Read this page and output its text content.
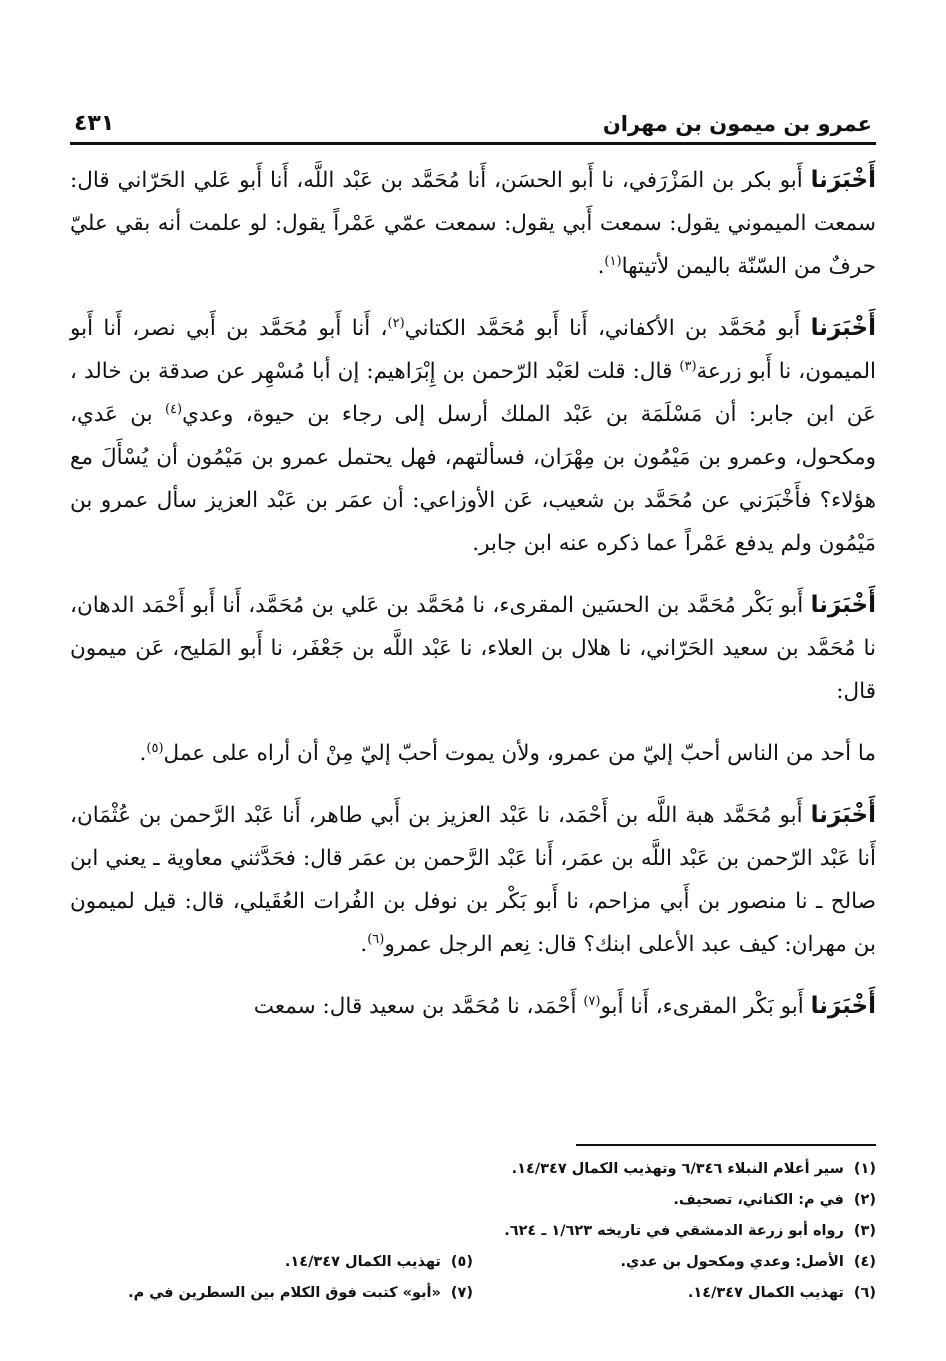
عمرو بن ميمون بن مهران
٤٣١

أَخْبَرَنا أَبو بكر بن المَزْرَفي، نا أَبو الحسَن، أَنا مُحَمَّد بن عَبْد اللَّه، أَنا أَبو عَلي الحَرّاني قال: سمعت الميموني يقول: سمعت أَبي يقول: سمعت عمّي عَمْراً يقول: لو علمت أنه بقي عليّ حرفٌ من السّنّة باليمن لأتيتها$^{(١)}$.

أَخْبَرَنا أَبو مُحَمَّد بن الأكفاني، أَنا أَبو مُحَمَّد الكتاني$^{(٢)}$، أَنا أَبو مُحَمَّد بن أَبي نصر، أَنا أَبو الميمون، نا أَبو زرعة$^{(٣)}$ قال: قلت لعَبْد الرّحمن بن إِبْرَاهيم: إن أبا مُسْهِر عن صدقة بن خالد ، عَن ابن جابر: أن مَسْلَمَة بن عَبْد الملك أرسل إلى رجاء بن حيوة، وعدي$^{(٤)}$ بن عَدي، ومكحول، وعمرو بن مَيْمُون بن مِهْرَان، فسألتهم، فهل يحتمل عمرو بن مَيْمُون أن يُسْأَلَ مع هؤلاء؟ فأَخْبَرَني عن مُحَمَّد بن شعيب، عَن الأوزاعي: أن عمَر بن عَبْد العزيز سأل عمرو بن مَيْمُون ولم يدفع عَمْراً عما ذكره عنه ابن جابر.

أَخْبَرَنا أَبو بَكْر مُحَمَّد بن الحسَين المقرىء، نا مُحَمَّد بن عَلي بن مُحَمَّد، أَنا أَبو أَحْمَد الدهان، نا مُحَمَّد بن سعيد الحَرّاني، نا هلال بن العلاء، نا عَبْد اللَّه بن جَعْفَر، نا أَبو المَليح، عَن ميمون قال:

ما أحد من الناس أحبّ إليّ من عمرو، ولأن يموت أحبّ إليّ مِنْ أن أراه على عمل$^{(٥)}$.

أَخْبَرَنا أَبو مُحَمَّد هبة اللَّه بن أَحْمَد، نا عَبْد العزيز بن أَبي طاهر، أَنا عَبْد الرَّحمن بن عُثْمَان، أَنا عَبْد الرّحمن بن عَبْد اللَّه بن عمَر، أَنا عَبْد الرَّحمن بن عمَر قال: فحَدَّثني معاوية ـ يعني ابن صالح ـ نا منصور بن أَبي مزاحم، نا أَبو بَكْر بن نوفل بن الفُرات العُقَيلي، قال: قيل لميمون بن مهران: كيف عبد الأعلى ابنك؟ قال: نِعم الرجل عمرو$^{(٦)}$.

أَخْبَرَنا أَبو بَكْر المقرىء، أَنا أَبو$^{(٧)}$ أَحْمَد، نا مُحَمَّد بن سعيد قال: سمعت

(١)
سير أعلام النبلاء ٦/٣٤٦ وتهذيب الكمال ١٤/٣٤٧.
(٢)
في م: الكناني، تصحيف.
(٣)
رواه أبو زرعة الدمشقي في تاريخه ١/٦٢٣ ـ ٦٢٤.
(٤)
الأصل: وعدي ومكحول بن عدي.
(٥)
تهذيب الكمال ١٤/٣٤٧.
(٦)
تهذيب الكمال ١٤/٣٤٧.
(٧)
«أبو» كتبت فوق الكلام بين السطرين في م.
